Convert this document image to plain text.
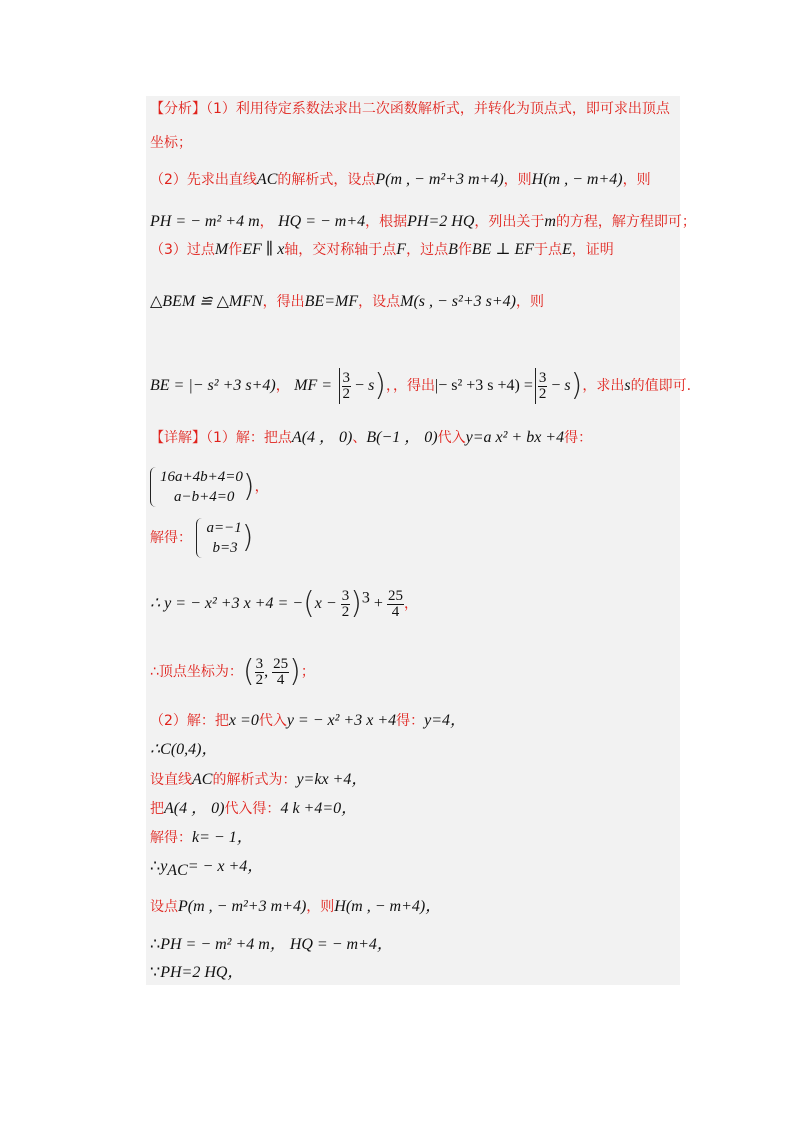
【分析】（1）利用待定系数法求出二次函数解析式，并转化为顶点式，即可求出顶点
坐标；
（2）先求出直线AC的解析式，设点P(m , − m²+3 m+4)，则H(m , − m+4)，则
PH = − m² +4 m， HQ = − m+4，根据PH=2 HQ，列出关于m的方程，解方程即可；
（3）过点M作EF ∥ x轴，交对称轴于点F，过点B作BE ⊥ EF于点E，证明
△BEM ≌ △MFN，得出BE=MF，设点M(s , − s²+3 s+4)，则
BE = |− s² +3 s+4)， MF = $\frac{3}{2} - s$)，，得出|− s² +3 $s +4) = \frac{3}{2} - s$)，求出s的值即可.
【详解】（1）解：把点A(4 ， 0)、B(−1 ， 0)代入y=a x² + bx +4得：
16a+4b+4=0
a−b+4=0 )，
解得：
a=−1
b=3 )
∴ y = − x² +3 $x +4 = -(x - \frac{3}{2} )^3 + \frac{25}{4}$ ，
∴顶点坐标为：( $\frac{3}{2}$ , $\frac{25}{4}$ )；
（2）解：把x =0代入y = − x² +3 x +4得：y=4，
∴C(0,4)，
设直线AC的解析式为：y=kx +4，
把A(4 ， 0)代入得：4 k +4=0，
解得：k= − 1，
$\therefore y_{AC}= - x +4$，
设点P(m , − m²+3 m+4)，则H(m , − m+4)，
∴PH = − m² +4 m， HQ = − m+4，
∵PH=2 HQ，
